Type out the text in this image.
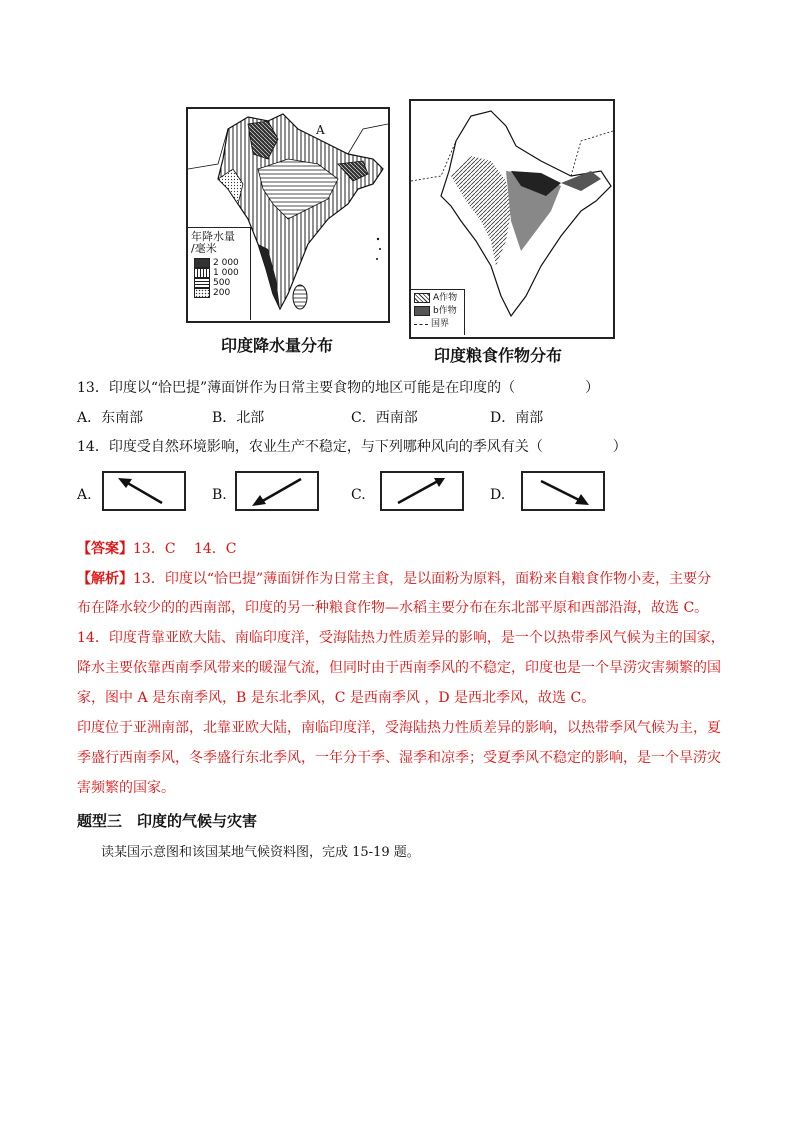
A
年降水量
/毫米
2 000
1 000
500
200
印度降水量分布
A作物
b作物
国界
印度粮食作物分布
13．印度以“恰巴提”薄面饼作为日常主要食物的地区可能是在印度的（　　　　　）
A．东南部	B．北部	C．西南部	D．南部
14．印度受自然环境影响，农业生产不稳定，与下列哪种风向的季风有关（　　　　　）
A.	B.	C.	D.
【答案】13．C　 14．C
【解析】13．印度以“恰巴提”薄面饼作为日常主食，是以面粉为原料，面粉来自粮食作物小麦，主要分
布在降水较少的的西南部，印度的另一种粮食作物—水稻主要分布在东北部平原和西部沿海，故选 C。
14．印度背靠亚欧大陆、南临印度洋，受海陆热力性质差异的影响，是一个以热带季风气候为主的国家，
降水主要依靠西南季风带来的暖湿气流，但同时由于西南季风的不稳定，印度也是一个旱涝灾害频繁的国
家，图中 A 是东南季风，B 是东北季风，C 是西南季风 ，D 是西北季风，故选 C。
印度位于亚洲南部，北靠亚欧大陆，南临印度洋，受海陆热力性质差异的影响，以热带季风气候为主，夏
季盛行西南季风，冬季盛行东北季风，一年分干季、湿季和凉季；受夏季风不稳定的影响，是一个旱涝灾
害频繁的国家。
题型三　印度的气候与灾害
读某国示意图和该国某地气候资料图，完成 15-19 题。
